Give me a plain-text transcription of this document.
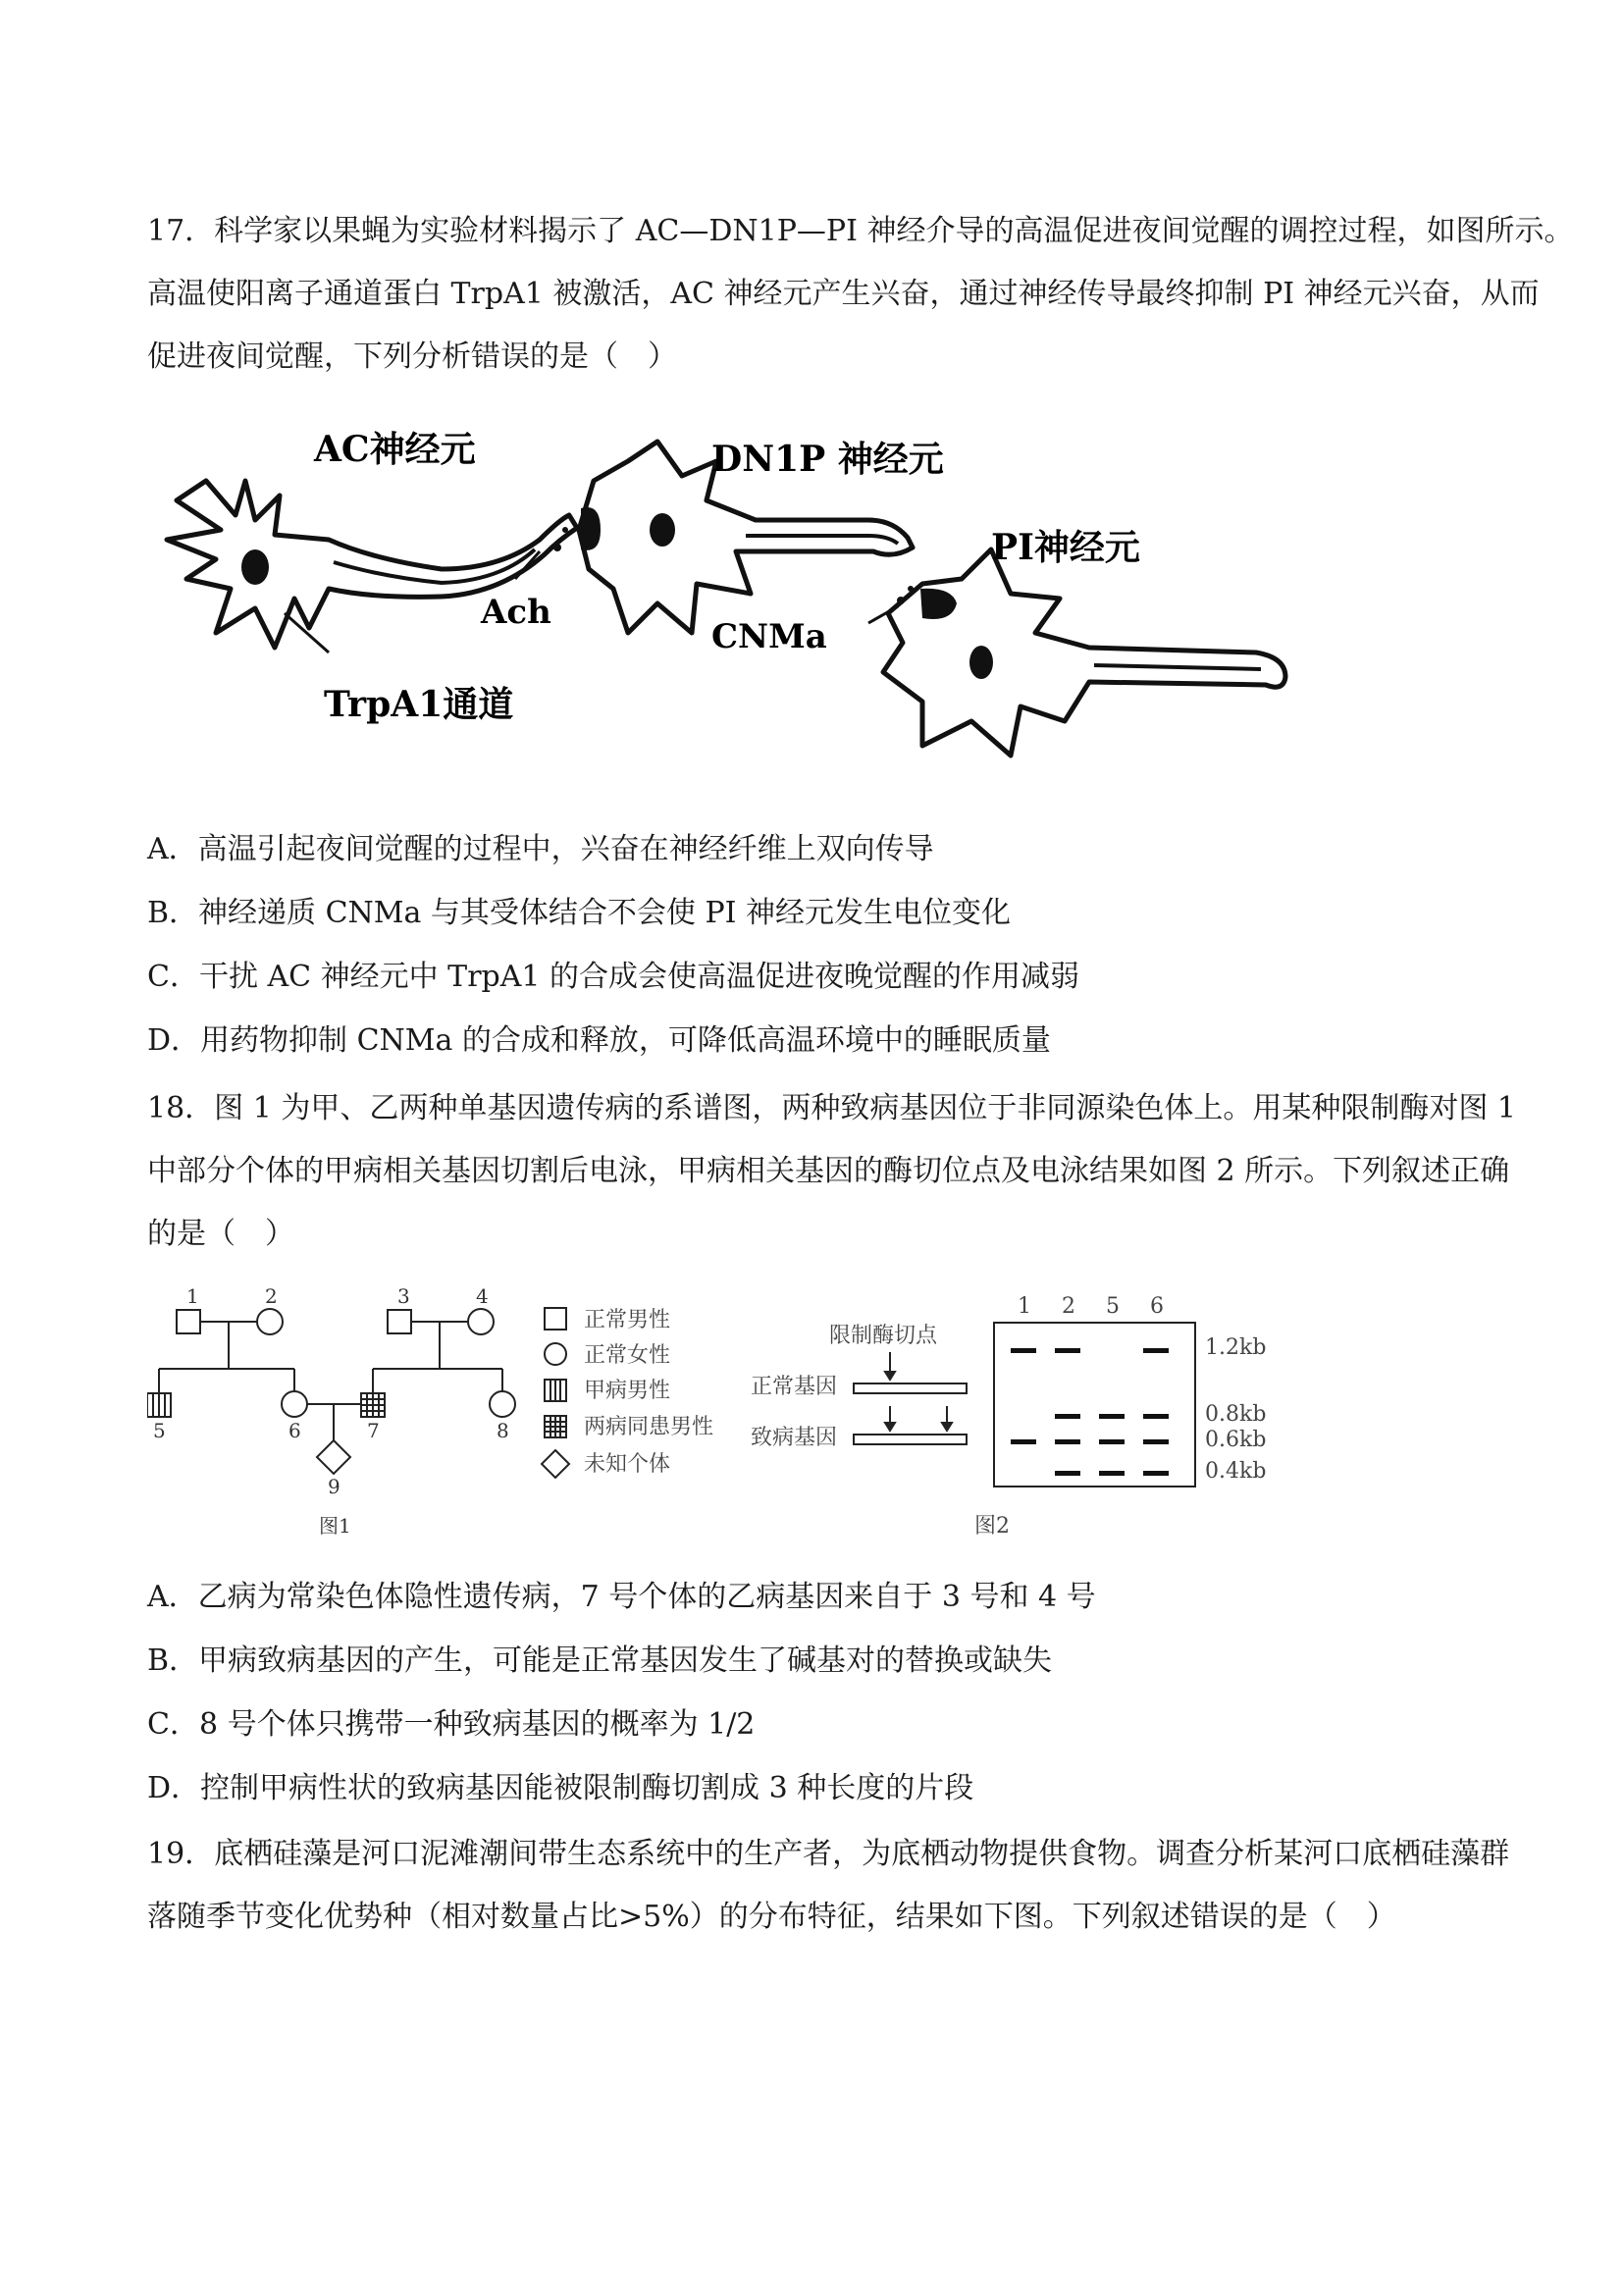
17．科学家以果蝇为实验材料揭示了 AC—DN1P—PI 神经介导的高温促进夜间觉醒的调控过程，如图所示。
高温使阳离子通道蛋白 TrpA1 被激活，AC 神经元产生兴奋，通过神经传导最终抑制 PI 神经元兴奋，从而
促进夜间觉醒，下列分析错误的是（　）
AC神经元	DN1P 神经元
PI神经元
Ach
CNMa
TrpA1通道
A．高温引起夜间觉醒的过程中，兴奋在神经纤维上双向传导
B．神经递质 CNMa 与其受体结合不会使 PI 神经元发生电位变化
C．干扰 AC 神经元中 TrpA1 的合成会使高温促进夜晚觉醒的作用减弱
D．用药物抑制 CNMa 的合成和释放，可降低高温环境中的睡眠质量
18．图 1 为甲、乙两种单基因遗传病的系谱图，两种致病基因位于非同源染色体上。用某种限制酶对图 1
中部分个体的甲病相关基因切割后电泳，甲病相关基因的酶切位点及电泳结果如图 2 所示。下列叙述正确
的是（　）
1	2	3	4
5	6	7	8
9
图1
正常男性
正常女性
甲病男性
两病同患男性
未知个体
限制酶切点
正常基因
致病基因
图2
1 2 5 6
1.2kb
0.8kb
0.6kb
0.4kb
A．乙病为常染色体隐性遗传病，7 号个体的乙病基因来自于 3 号和 4 号
B．甲病致病基因的产生，可能是正常基因发生了碱基对的替换或缺失
C．8 号个体只携带一种致病基因的概率为 1/2
D．控制甲病性状的致病基因能被限制酶切割成 3 种长度的片段
19．底栖硅藻是河口泥滩潮间带生态系统中的生产者，为底栖动物提供食物。调查分析某河口底栖硅藻群
落随季节变化优势种（相对数量占比>5%）的分布特征，结果如下图。下列叙述错误的是（　）
